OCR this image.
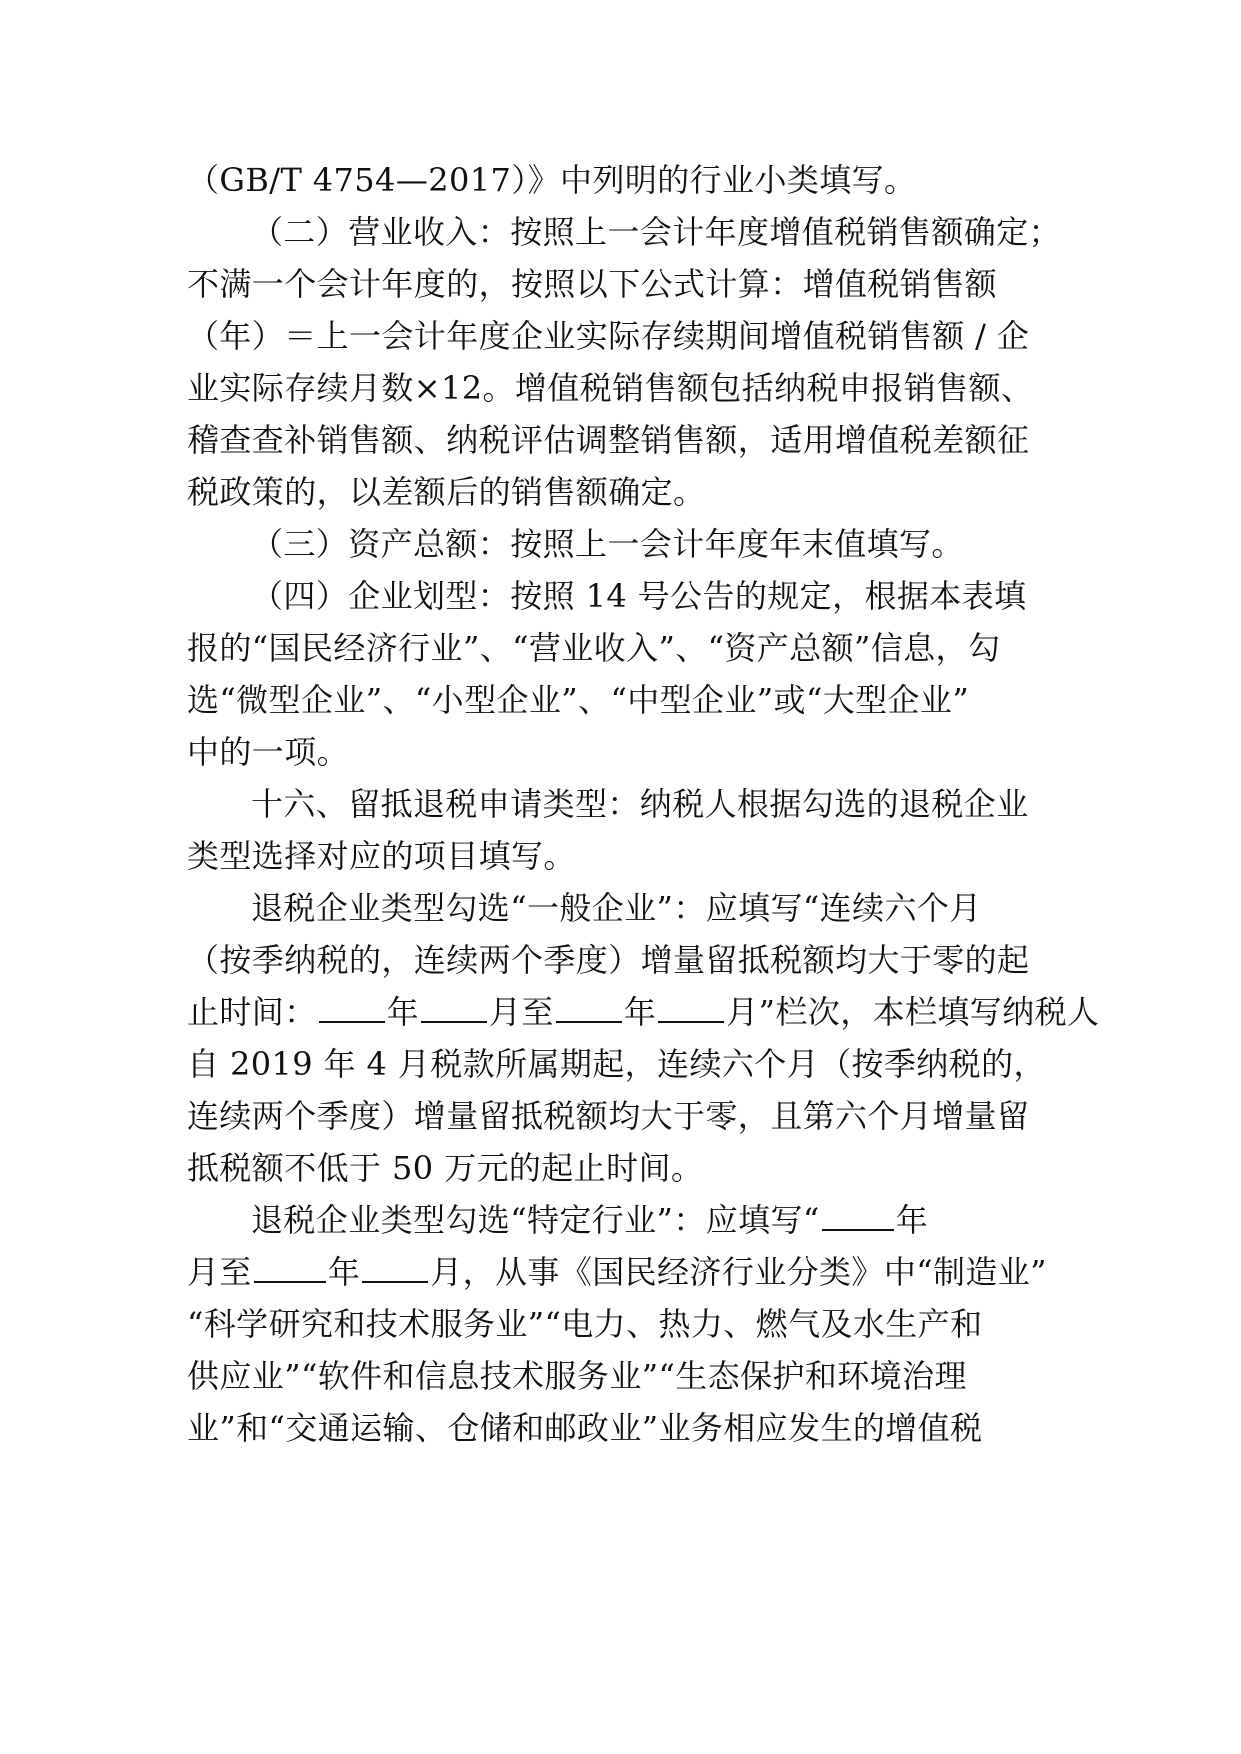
（GB/T 4754—2017）》中列明的行业小类填写。
（二）营业收入：按照上一会计年度增值税销售额确定；
不满一个会计年度的，按照以下公式计算：增值税销售额
（年）＝上一会计年度企业实际存续期间增值税销售额 / 企
业实际存续月数×12。增值税销售额包括纳税申报销售额、
稽查查补销售额、纳税评估调整销售额，适用增值税差额征
税政策的，以差额后的销售额确定。
（三）资产总额：按照上一会计年度年末值填写。
（四）企业划型：按照 14 号公告的规定，根据本表填
报的“国民经济行业”、“营业收入”、“资产总额”信息，勾
选“微型企业”、“小型企业”、“中型企业”或“大型企业”
中的一项。
十六、留抵退税申请类型：纳税人根据勾选的退税企业
类型选择对应的项目填写。
退税企业类型勾选“一般企业”：应填写“连续六个月
（按季纳税的，连续两个季度）增量留抵税额均大于零的起
止时间： 年 月至 年 月”栏次，本栏填写纳税人
自 2019 年 4 月税款所属期起，连续六个月（按季纳税的，
连续两个季度）增量留抵税额均大于零，且第六个月增量留
抵税额不低于 50 万元的起止时间。
退税企业类型勾选“特定行业”：应填写“ 年
月至 年 月，从事《国民经济行业分类》中“制造业”
“科学研究和技术服务业”“电力、热力、燃气及水生产和
供应业”“软件和信息技术服务业”“生态保护和环境治理
业”和“交通运输、仓储和邮政业”业务相应发生的增值税
